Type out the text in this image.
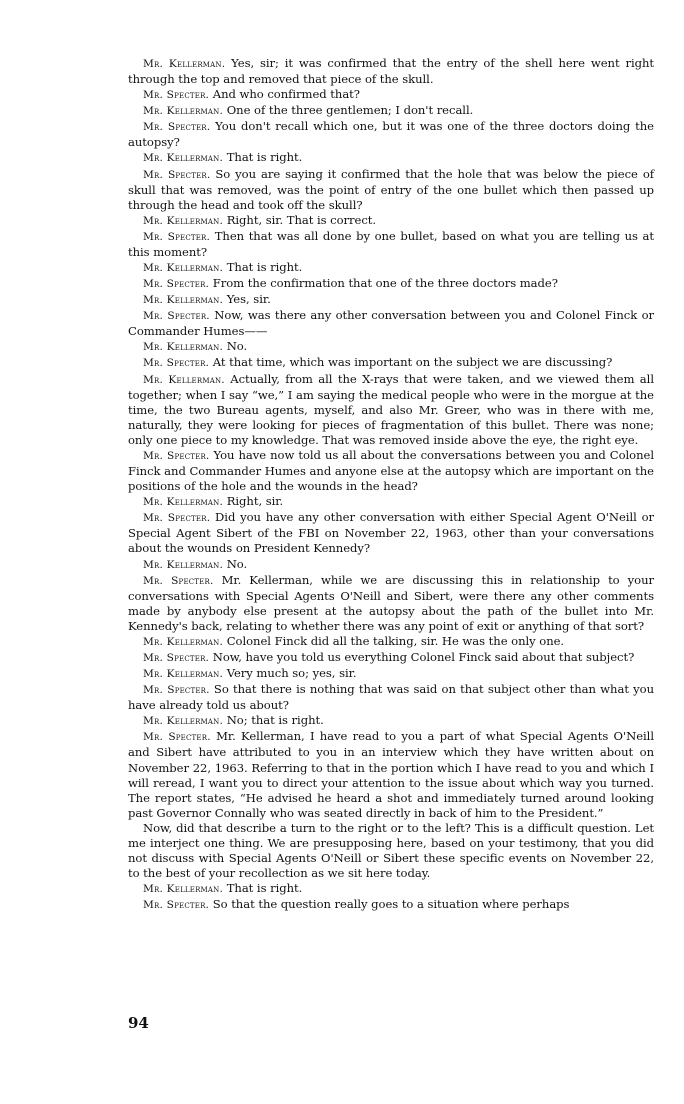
Mr. Kellerman. Yes, sir; it was confirmed that the entry of the shell here went right through the top and removed that piece of the skull.

Mr. Specter. And who confirmed that?

Mr. Kellerman. One of the three gentlemen; I don't recall.

Mr. Specter. You don't recall which one, but it was one of the three doctors doing the autopsy?

Mr. Kellerman. That is right.

Mr. Specter. So you are saying it confirmed that the hole that was below the piece of skull that was removed, was the point of entry of the one bullet which then passed up through the head and took off the skull?

Mr. Kellerman. Right, sir. That is correct.

Mr. Specter. Then that was all done by one bullet, based on what you are telling us at this moment?

Mr. Kellerman. That is right.

Mr. Specter. From the confirmation that one of the three doctors made?

Mr. Kellerman. Yes, sir.

Mr. Specter. Now, was there any other conversation between you and Colonel Finck or Commander Humes——

Mr. Kellerman. No.

Mr. Specter. At that time, which was important on the subject we are discussing?

Mr. Kellerman. Actually, from all the X-rays that were taken, and we viewed them all together; when I say “we,” I am saying the medical people who were in the morgue at the time, the two Bureau agents, myself, and also Mr. Greer, who was in there with me, naturally, they were looking for pieces of fragmentation of this bullet. There was none; only one piece to my knowledge. That was removed inside above the eye, the right eye.

Mr. Specter. You have now told us all about the conversations between you and Colonel Finck and Commander Humes and anyone else at the autopsy which are important on the positions of the hole and the wounds in the head?

Mr. Kellerman. Right, sir.

Mr. Specter. Did you have any other conversation with either Special Agent O'Neill or Special Agent Sibert of the FBI on November 22, 1963, other than your conversations about the wounds on President Kennedy?

Mr. Kellerman. No.

Mr. Specter. Mr. Kellerman, while we are discussing this in relationship to your conversations with Special Agents O'Neill and Sibert, were there any other comments made by anybody else present at the autopsy about the path of the bullet into Mr. Kennedy's back, relating to whether there was any point of exit or anything of that sort?

Mr. Kellerman. Colonel Finck did all the talking, sir. He was the only one.

Mr. Specter. Now, have you told us everything Colonel Finck said about that subject?

Mr. Kellerman. Very much so; yes, sir.

Mr. Specter. So that there is nothing that was said on that subject other than what you have already told us about?

Mr. Kellerman. No; that is right.

Mr. Specter. Mr. Kellerman, I have read to you a part of what Special Agents O'Neill and Sibert have attributed to you in an interview which they have written about on November 22, 1963. Referring to that in the portion which I have read to you and which I will reread, I want you to direct your attention to the issue about which way you turned. The report states, “He advised he heard a shot and immediately turned around looking past Governor Connally who was seated directly in back of him to the President.”

Now, did that describe a turn to the right or to the left? This is a difficult question. Let me interject one thing. We are presupposing here, based on your testimony, that you did not discuss with Special Agents O'Neill or Sibert these specific events on November 22, to the best of your recollection as we sit here today.

Mr. Kellerman. That is right.

Mr. Specter. So that the question really goes to a situation where perhaps

94
